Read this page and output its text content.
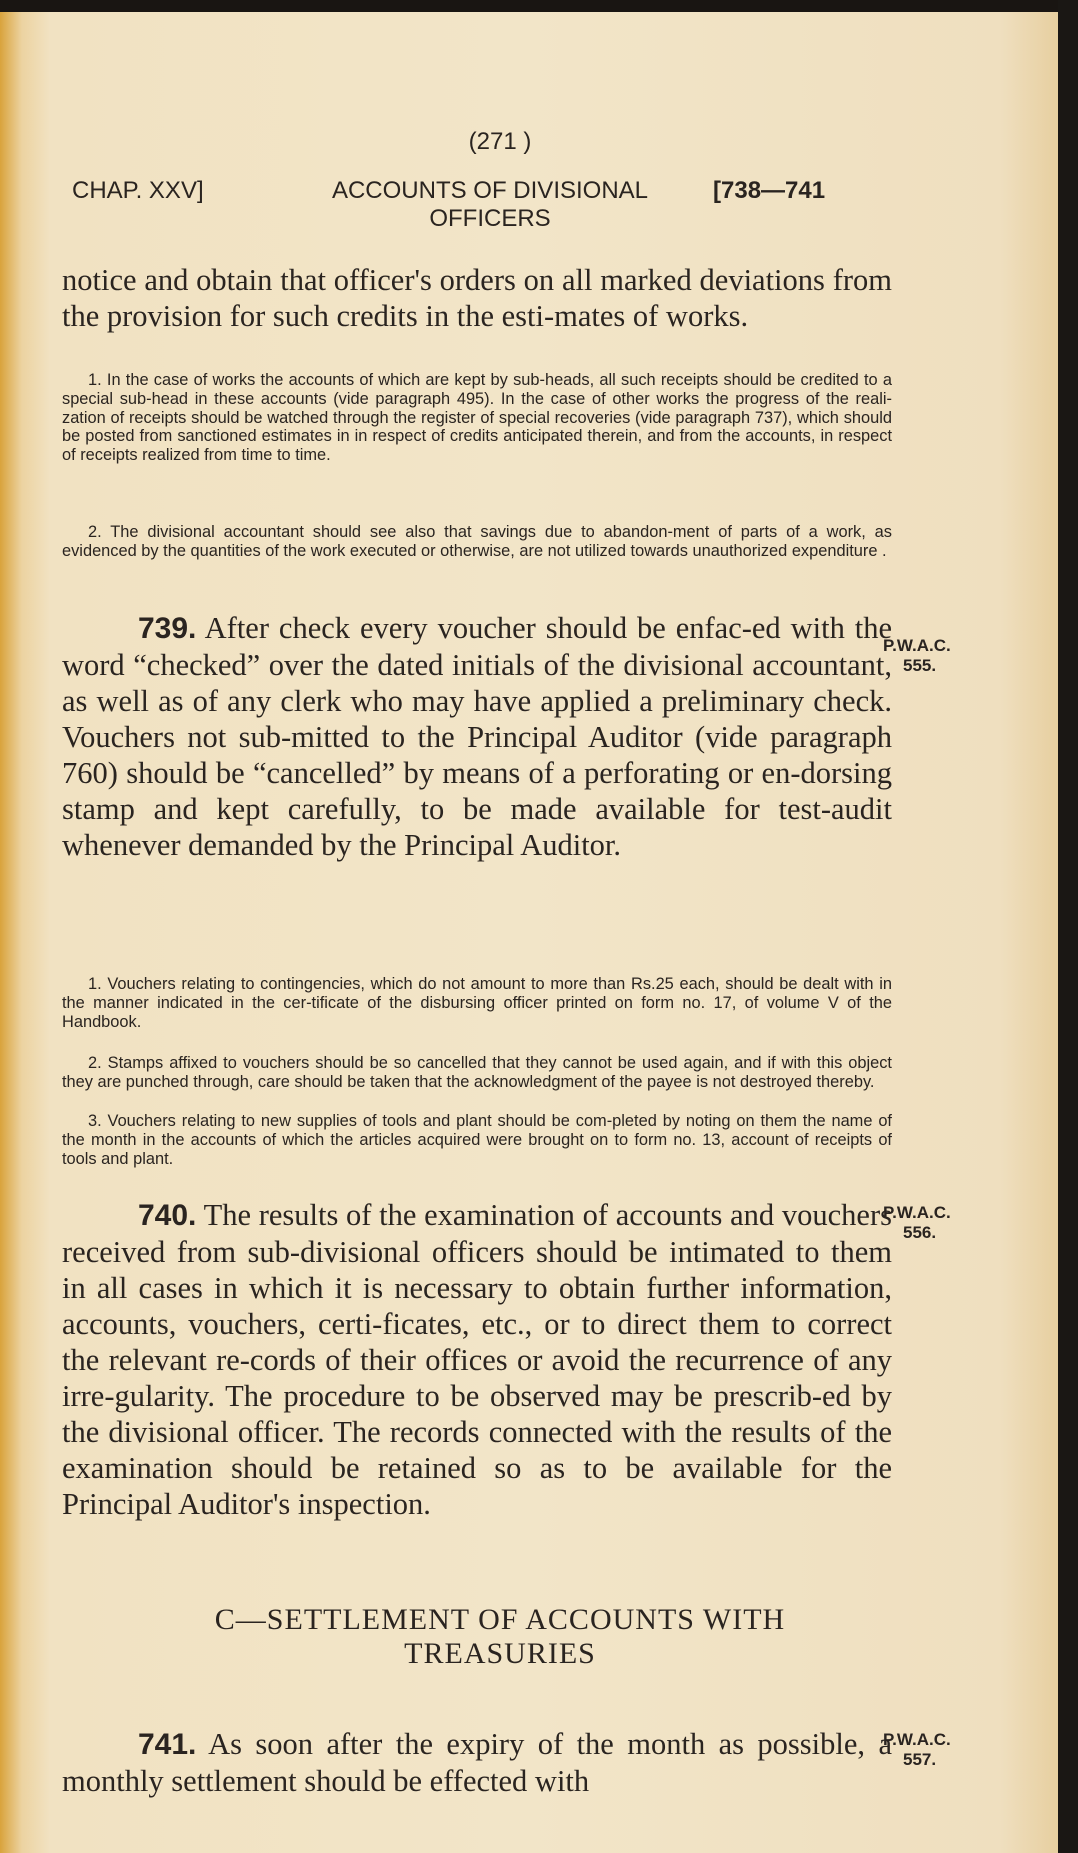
(271 )
CHAP. XXV]	ACCOUNTS OF DIVISIONAL
OFFICERS
[738—741
notice and obtain that officer's orders on all marked deviations from the provision for such credits in the esti-mates of works.
1. In the case of works the accounts of which are kept by sub-heads, all such receipts should be credited to a special sub-head in these accounts (vide paragraph 495). In the case of other works the progress of the reali-zation of receipts should be watched through the register of special recoveries (vide paragraph 737), which should be posted from sanctioned estimates in in respect of credits anticipated therein, and from the accounts, in respect of receipts realized from time to time.
2. The divisional accountant should see also that savings due to abandon-ment of parts of a work, as evidenced by the quantities of the work executed or otherwise, are not utilized towards unauthorized expenditure .
739. After check every voucher should be enfac-ed with the word “checked” over the dated initials of the divisional accountant, as well as of any clerk who may have applied a preliminary check. Vouchers not sub-mitted to the Principal Auditor (vide paragraph 760) should be “cancelled” by means of a perforating or en-dorsing stamp and kept carefully, to be made available for test-audit whenever demanded by the Principal Auditor.
P.W.A.C.
555.
1. Vouchers relating to contingencies, which do not amount to more than Rs.25 each, should be dealt with in the manner indicated in the cer-tificate of the disbursing officer printed on form no. 17, of volume V of the Handbook.
2. Stamps affixed to vouchers should be so cancelled that they cannot be used again, and if with this object they are punched through, care should be taken that the acknowledgment of the payee is not destroyed thereby.
3. Vouchers relating to new supplies of tools and plant should be com-pleted by noting on them the name of the month in the accounts of which the articles acquired were brought on to form no. 13, account of receipts of tools and plant.
740. The results of the examination of accounts and vouchers received from sub-divisional officers should be intimated to them in all cases in which it is necessary to obtain further information, accounts, vouchers, certi-ficates, etc., or to direct them to correct the relevant re-cords of their offices or avoid the recurrence of any irre-gularity. The procedure to be observed may be prescrib-ed by the divisional officer. The records connected with the results of the examination should be retained so as to be available for the Principal Auditor's inspection.
P.W.A.C.
556.
C—SETTLEMENT OF ACCOUNTS WITH
TREASURIES
741. As soon after the expiry of the month as possible, a monthly settlement should be effected with
P.W.A.C.
557.
